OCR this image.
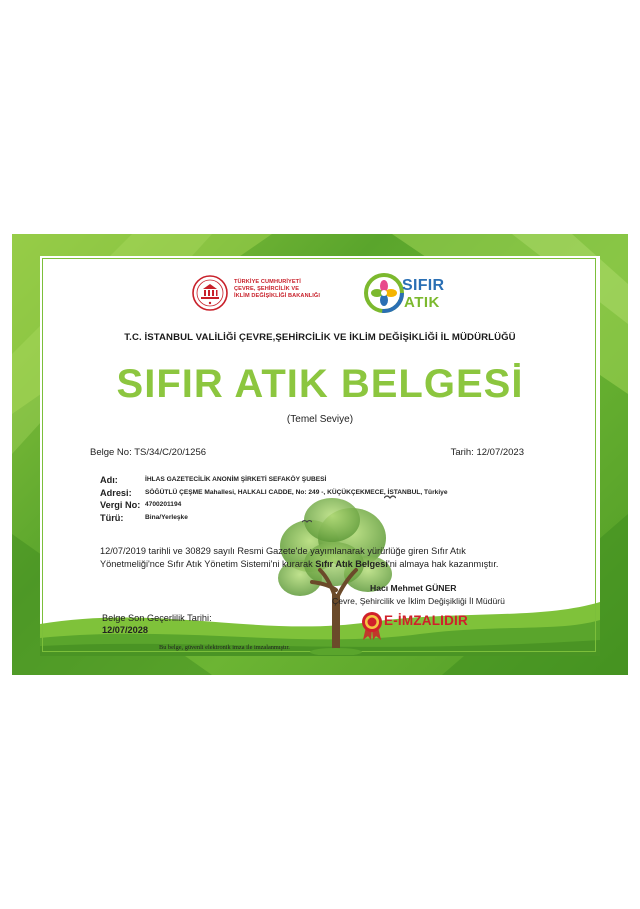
TÜRKİYE CUMHURİYETİ
ÇEVRE, ŞEHİRCİLİK VE
İKLİM DEĞİŞİKLİĞİ BAKANLIĞI
SIFIR
ATIK
T.C. İSTANBUL VALİLİĞİ ÇEVRE,ŞEHİRCİLİK VE İKLİM DEĞİŞİKLİĞİ İL MÜDÜRLÜĞÜ
SIFIR ATIK BELGESİ
(Temel Seviye)
Belge No: TS/34/C/20/1256	Tarih: 12/07/2023
Adı:	İHLAS GAZETECİLİK ANONİM ŞİRKETİ SEFAKÖY ŞUBESİ
Adresi: SÖĞÜTLÜ ÇEŞME Mahallesi, HALKALI CADDE, No: 249 -, KÜÇÜKÇEKMECE, İSTANBUL, Türkiye
Vergi No: 4700201194
Türü:	Bina/Yerleşke
12/07/2019 tarihli ve 30829 sayılı Resmi Gazete'de yayımlanarak yürürlüğe giren Sıfır Atık
Yönetmeliği'nce Sıfır Atık Yönetim Sistemi'ni kurarak Sıfır Atık Belgesi'ni almaya hak kazanmıştır.
Hacı Mehmet GÜNER
Çevre, Şehircilik ve İklim Değişikliği İl Müdürü
Belge Son Geçerlilik Tarihi:
12/07/2028
E-İMZALIDIR
Bu belge, güvenli elektronik imza ile imzalanmıştır.
